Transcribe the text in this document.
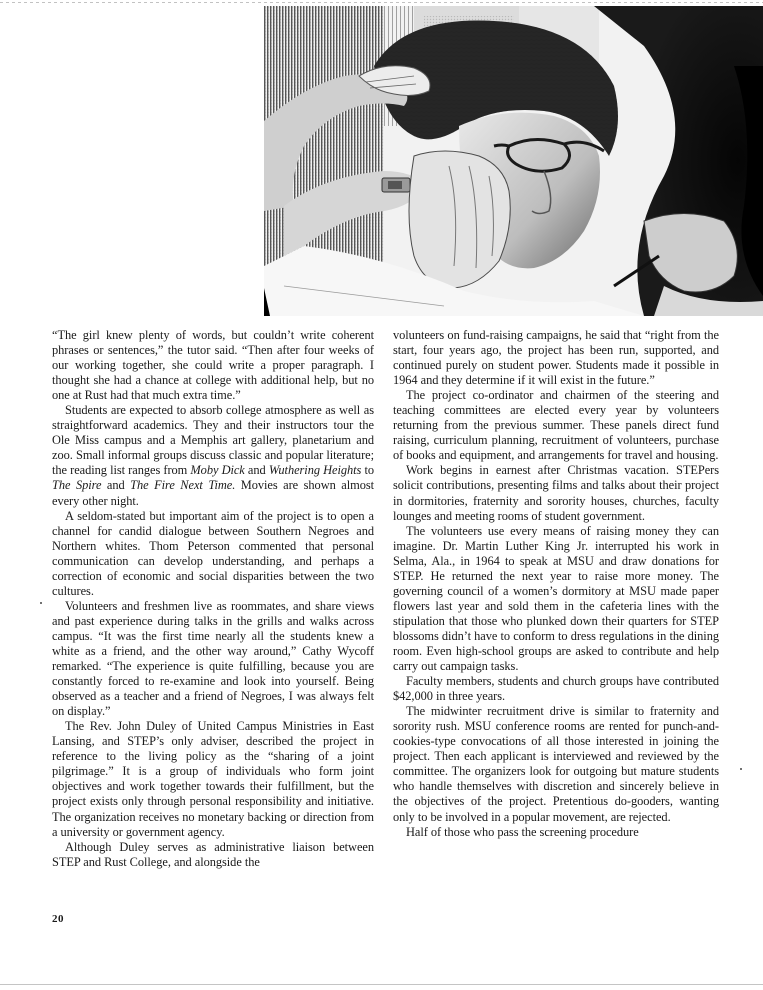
“The girl knew plenty of words, but couldn’t write coherent phrases or sentences,” the tutor said. “Then after four weeks of our working together, she could write a proper paragraph. I thought she had a chance at college with additional help, but no one at Rust had that much extra time.”

Students are expected to absorb college atmosphere as well as straightforward academics. They and their instructors tour the Ole Miss campus and a Memphis art gallery, planetarium and zoo. Small informal groups discuss classic and popular literature; the reading list ranges from Moby Dick and Wuthering Heights to The Spire and The Fire Next Time. Movies are shown almost every other night.

A seldom-stated but important aim of the project is to open a channel for candid dialogue between Southern Negroes and Northern whites. Thom Peterson commented that personal communication can develop understanding, and perhaps a correction of economic and social disparities between the two cultures.

Volunteers and freshmen live as roommates, and share views and past experience during talks in the grills and walks across campus. “It was the first time nearly all the students knew a white as a friend, and the other way around,” Cathy Wycoff remarked. “The experience is quite fulfilling, because you are constantly forced to re-examine and look into yourself. Being observed as a teacher and a friend of Negroes, I was always felt on display.”

The Rev. John Duley of United Campus Ministries in East Lansing, and STEP’s only adviser, described the project in reference to the living policy as the “sharing of a joint pilgrimage.” It is a group of individuals who form joint objectives and work together towards their fulfillment, but the project exists only through personal responsibility and initiative. The organization receives no monetary backing or direction from a university or government agency.

Although Duley serves as administrative liaison between STEP and Rust College, and alongside the

volunteers on fund-raising campaigns, he said that “right from the start, four years ago, the project has been run, supported, and continued purely on student power. Students made it possible in 1964 and they determine if it will exist in the future.”

The project co-ordinator and chairmen of the steering and teaching committees are elected every year by volunteers returning from the previous summer. These panels direct fund raising, curriculum planning, recruitment of volunteers, purchase of books and equipment, and arrangements for travel and housing.

Work begins in earnest after Christmas vacation. STEPers solicit contributions, presenting films and talks about their project in dormitories, fraternity and sorority houses, churches, faculty lounges and meeting rooms of student government.

The volunteers use every means of raising money they can imagine. Dr. Martin Luther King Jr. interrupted his work in Selma, Ala., in 1964 to speak at MSU and draw donations for STEP. He returned the next year to raise more money. The governing council of a women’s dormitory at MSU made paper flowers last year and sold them in the cafeteria lines with the stipulation that those who plunked down their quarters for STEP blossoms didn’t have to conform to dress regulations in the dining room. Even high-school groups are asked to contribute and help carry out campaign tasks.

Faculty members, students and church groups have contributed $42,000 in three years.

The midwinter recruitment drive is similar to fraternity and sorority rush. MSU conference rooms are rented for punch-and-cookies-type convocations of all those interested in joining the project. Then each applicant is interviewed and reviewed by the committee. The organizers look for outgoing but mature students who handle themselves with discretion and sincerely believe in the objectives of the project. Pretentious do-gooders, wanting only to be involved in a popular movement, are rejected.

Half of those who pass the screening procedure

20
